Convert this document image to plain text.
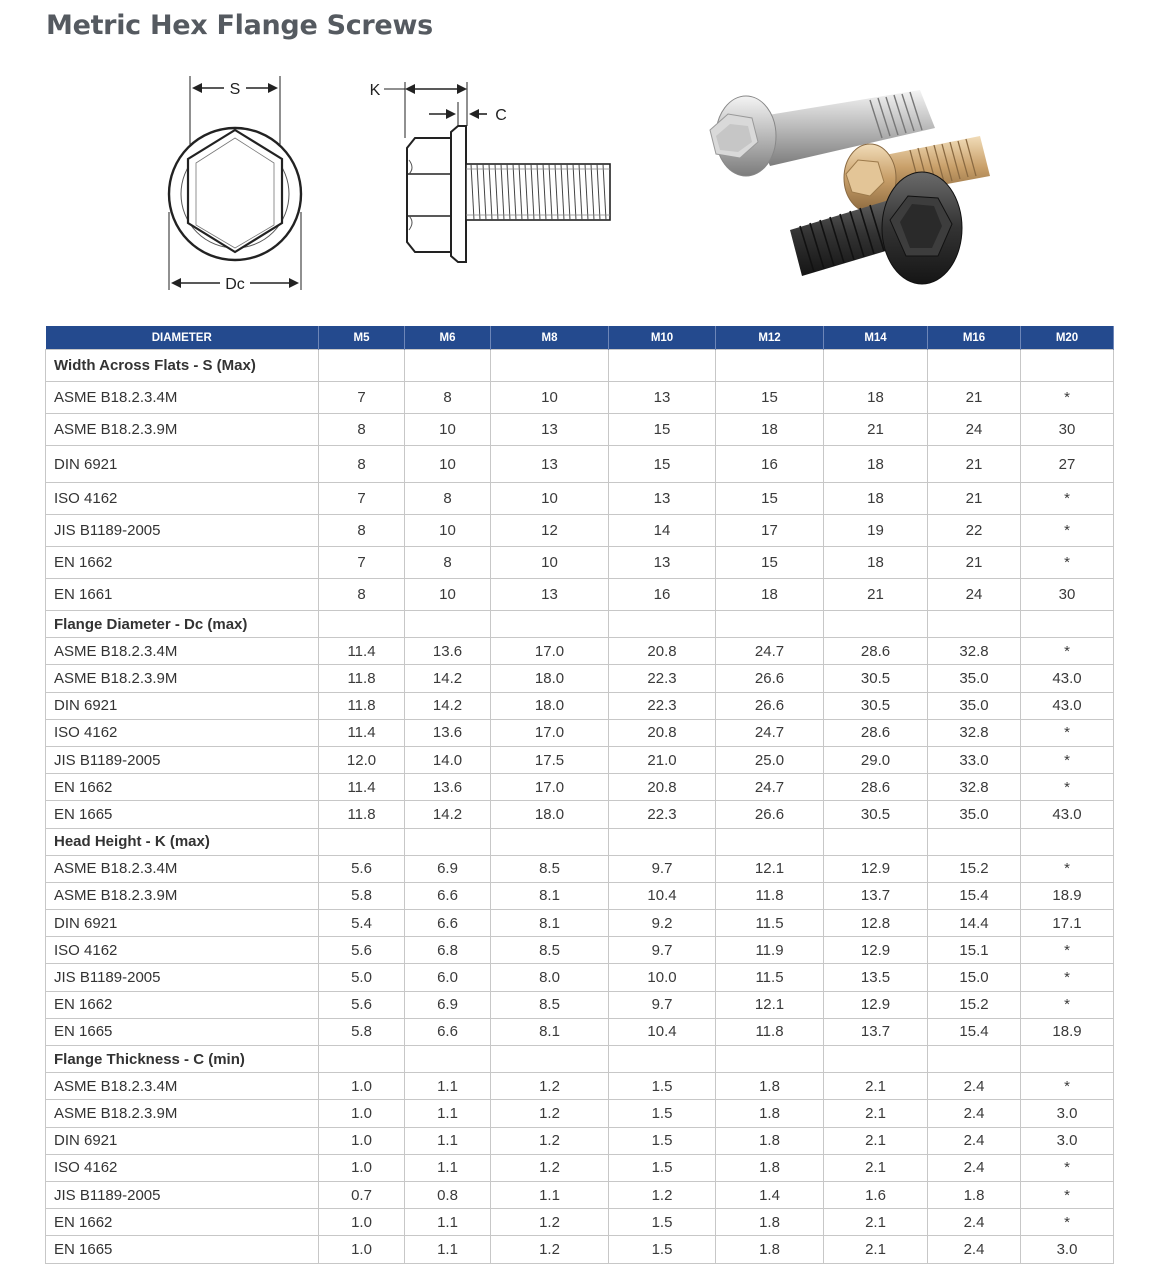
Metric Hex Flange Screws
S
Dc
K
C
DIAMETER	M5	M6	M8	M10	M12	M14	M16	M20
Width Across Flats - S (Max)								
ASME B18.2.3.4M	7	8	10	13	15	18	21	*
ASME B18.2.3.9M	8	10	13	15	18	21	24	30
DIN 6921	8	10	13	15	16	18	21	27
ISO 4162	7	8	10	13	15	18	21	*
JIS B1189-2005	8	10	12	14	17	19	22	*
EN 1662	7	8	10	13	15	18	21	*
EN 1661	8	10	13	16	18	21	24	30
Flange Diameter - Dc (max)								
ASME B18.2.3.4M	11.4	13.6	17.0	20.8	24.7	28.6	32.8	*
ASME B18.2.3.9M	11.8	14.2	18.0	22.3	26.6	30.5	35.0	43.0
DIN 6921	11.8	14.2	18.0	22.3	26.6	30.5	35.0	43.0
ISO 4162	11.4	13.6	17.0	20.8	24.7	28.6	32.8	*
JIS B1189-2005	12.0	14.0	17.5	21.0	25.0	29.0	33.0	*
EN 1662	11.4	13.6	17.0	20.8	24.7	28.6	32.8	*
EN 1665	11.8	14.2	18.0	22.3	26.6	30.5	35.0	43.0
Head Height - K (max)								
ASME B18.2.3.4M	5.6	6.9	8.5	9.7	12.1	12.9	15.2	*
ASME B18.2.3.9M	5.8	6.6	8.1	10.4	11.8	13.7	15.4	18.9
DIN 6921	5.4	6.6	8.1	9.2	11.5	12.8	14.4	17.1
ISO 4162	5.6	6.8	8.5	9.7	11.9	12.9	15.1	*
JIS B1189-2005	5.0	6.0	8.0	10.0	11.5	13.5	15.0	*
EN 1662	5.6	6.9	8.5	9.7	12.1	12.9	15.2	*
EN 1665	5.8	6.6	8.1	10.4	11.8	13.7	15.4	18.9
Flange Thickness - C (min)								
ASME B18.2.3.4M	1.0	1.1	1.2	1.5	1.8	2.1	2.4	*
ASME B18.2.3.9M	1.0	1.1	1.2	1.5	1.8	2.1	2.4	3.0
DIN 6921	1.0	1.1	1.2	1.5	1.8	2.1	2.4	3.0
ISO 4162	1.0	1.1	1.2	1.5	1.8	2.1	2.4	*
JIS B1189-2005	0.7	0.8	1.1	1.2	1.4	1.6	1.8	*
EN 1662	1.0	1.1	1.2	1.5	1.8	2.1	2.4	*
EN 1665	1.0	1.1	1.2	1.5	1.8	2.1	2.4	3.0
